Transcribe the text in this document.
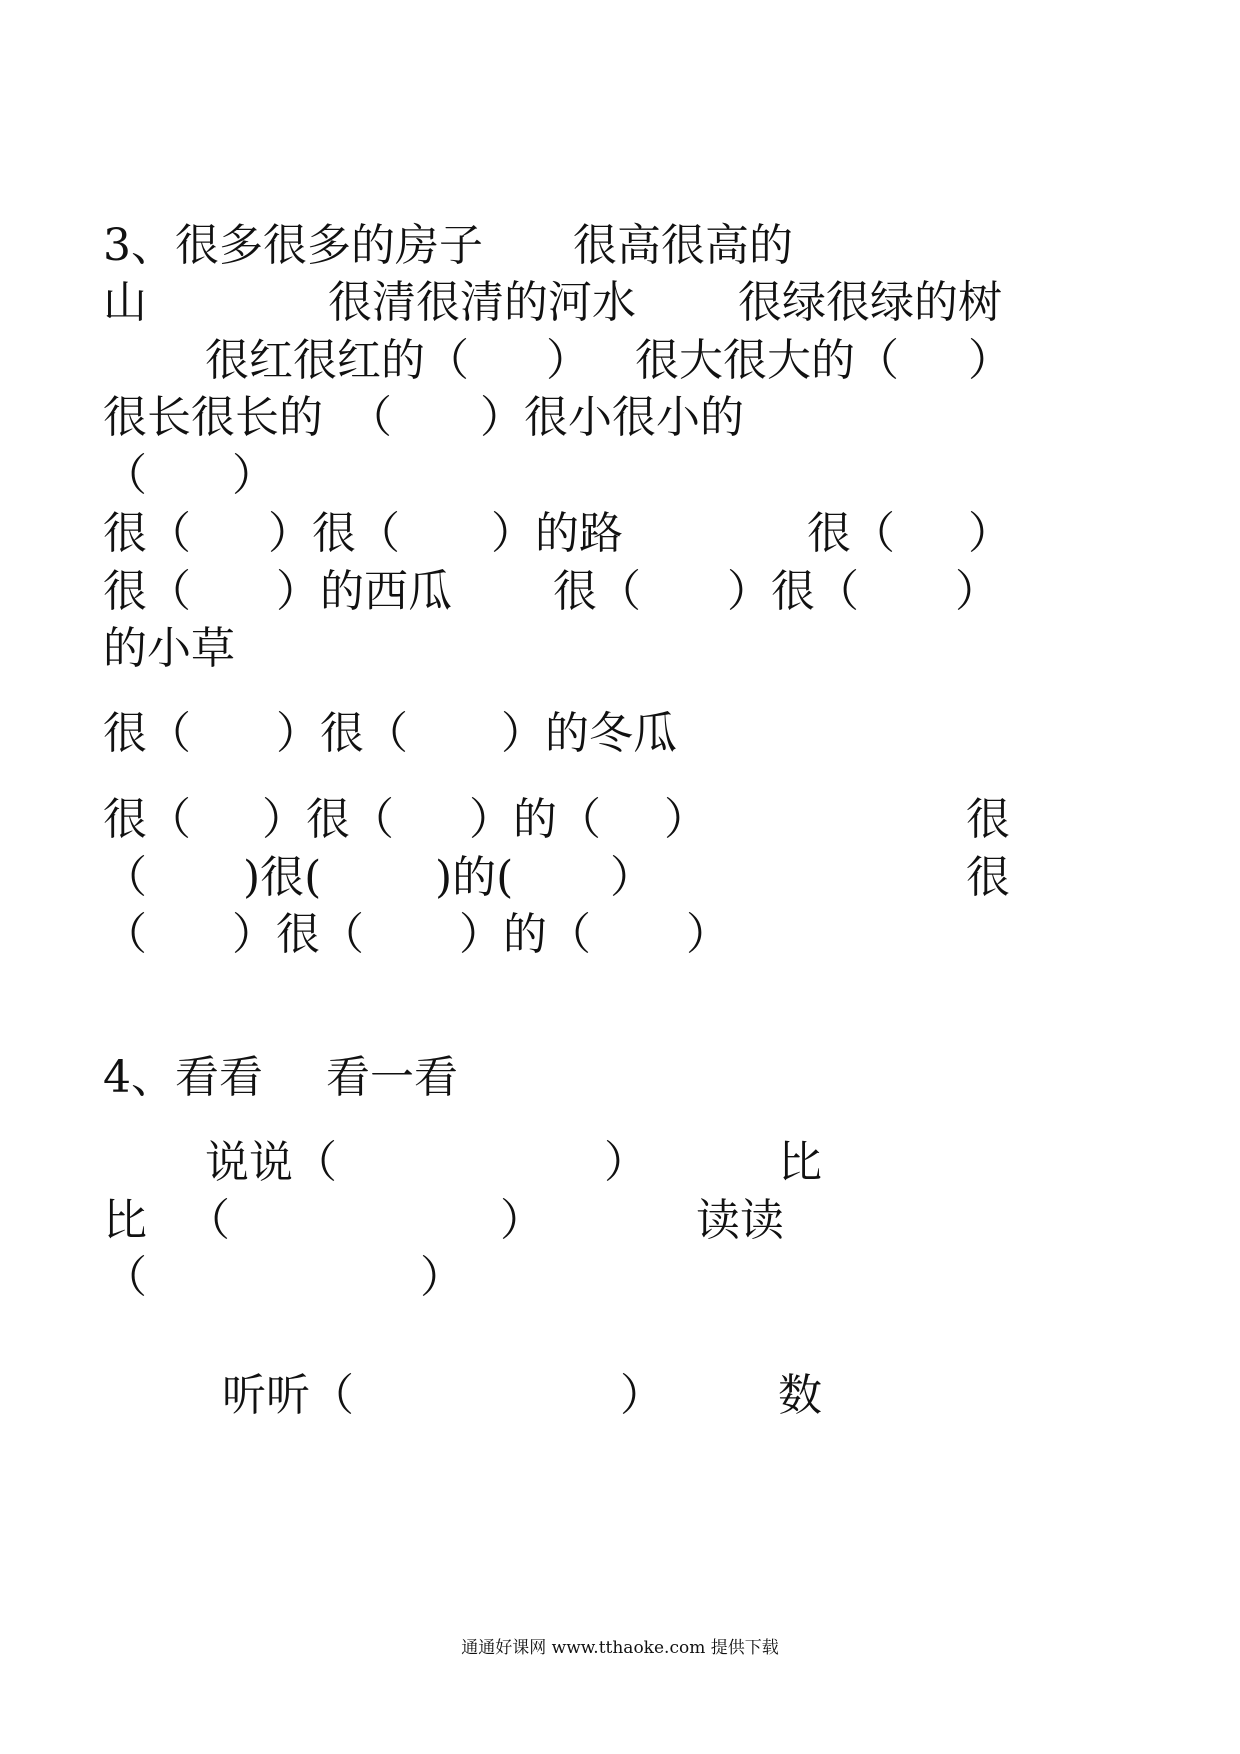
3、很多很多的房子

很高很高的

山

	很清很清的河水

很绿很绿的树

很红很红的（

）

很大很大的（

）

很长很长的

（

）很小很小的

（

）

很（

）很（

）的路

	很（

）

很（

）的西瓜

很（

）很（

）

的小草

很（

）很（

）的冬瓜

很（

）很（

）的（

）

	很

（

)很(

	)的(

）

	很

（

）很（

）的（

）

4、看看

看一看

说说（

	）

	比

比

（

	）

	读读

（

	）

听听（

	）

	数

通通好课网 www.tthaoke.com 提供下载
